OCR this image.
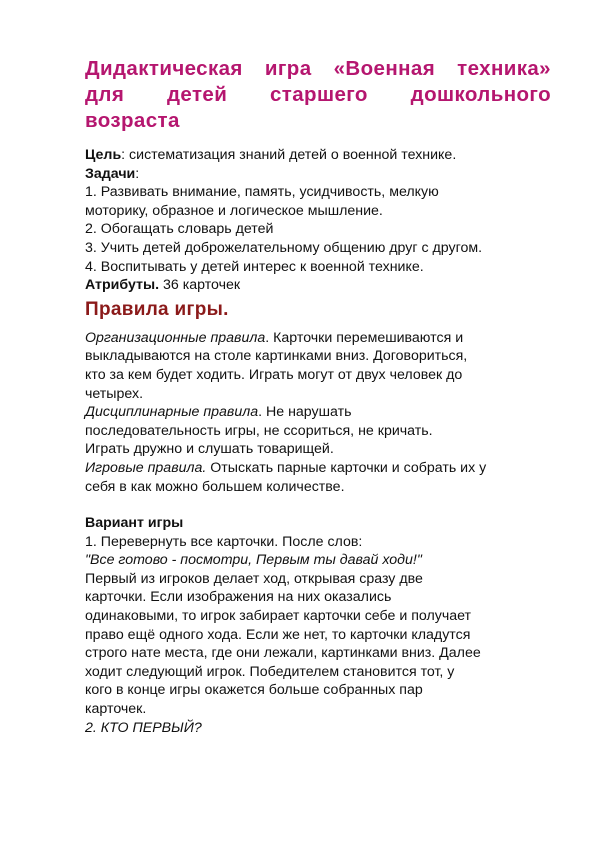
Дидактическая игра «Военная техника»
для детей старшего дошкольного
возраста

Цель: систематизация знаний детей о военной технике.

Задачи:

1. Развивать внимание, память, усидчивость, мелкую

моторику, образное и логическое мышление.

2. Обогащать словарь детей

3. Учить детей доброжелательному общению друг с другом.

4. Воспитывать у детей интерес к военной технике.

Атрибуты. 36 карточек

Правила игры.

Организационные правила. Карточки перемешиваются и

выкладываются на столе картинками вниз. Договориться,

кто за кем будет ходить. Играть могут от двух человек до

четырех.

Дисциплинарные правила. Не нарушать

последовательность игры, не ссориться, не кричать.

Играть дружно и слушать товарищей.

Игровые правила. Отыскать парные карточки и собрать их у

себя в как можно большем количестве.

Вариант игры

1. Перевернуть все карточки. После слов:

"Все готово - посмотри, Первым ты давай ходи!"

Первый из игроков делает ход, открывая сразу две

карточки. Если изображения на них оказались

одинаковыми, то игрок забирает карточки себе и получает

право ещё одного хода. Если же нет, то карточки кладутся

строго нате места, где они лежали, картинками вниз. Далее

ходит следующий игрок. Победителем становится тот, у

кого в конце игры окажется больше собранных пар

карточек.

2. КТО ПЕРВЫЙ?
